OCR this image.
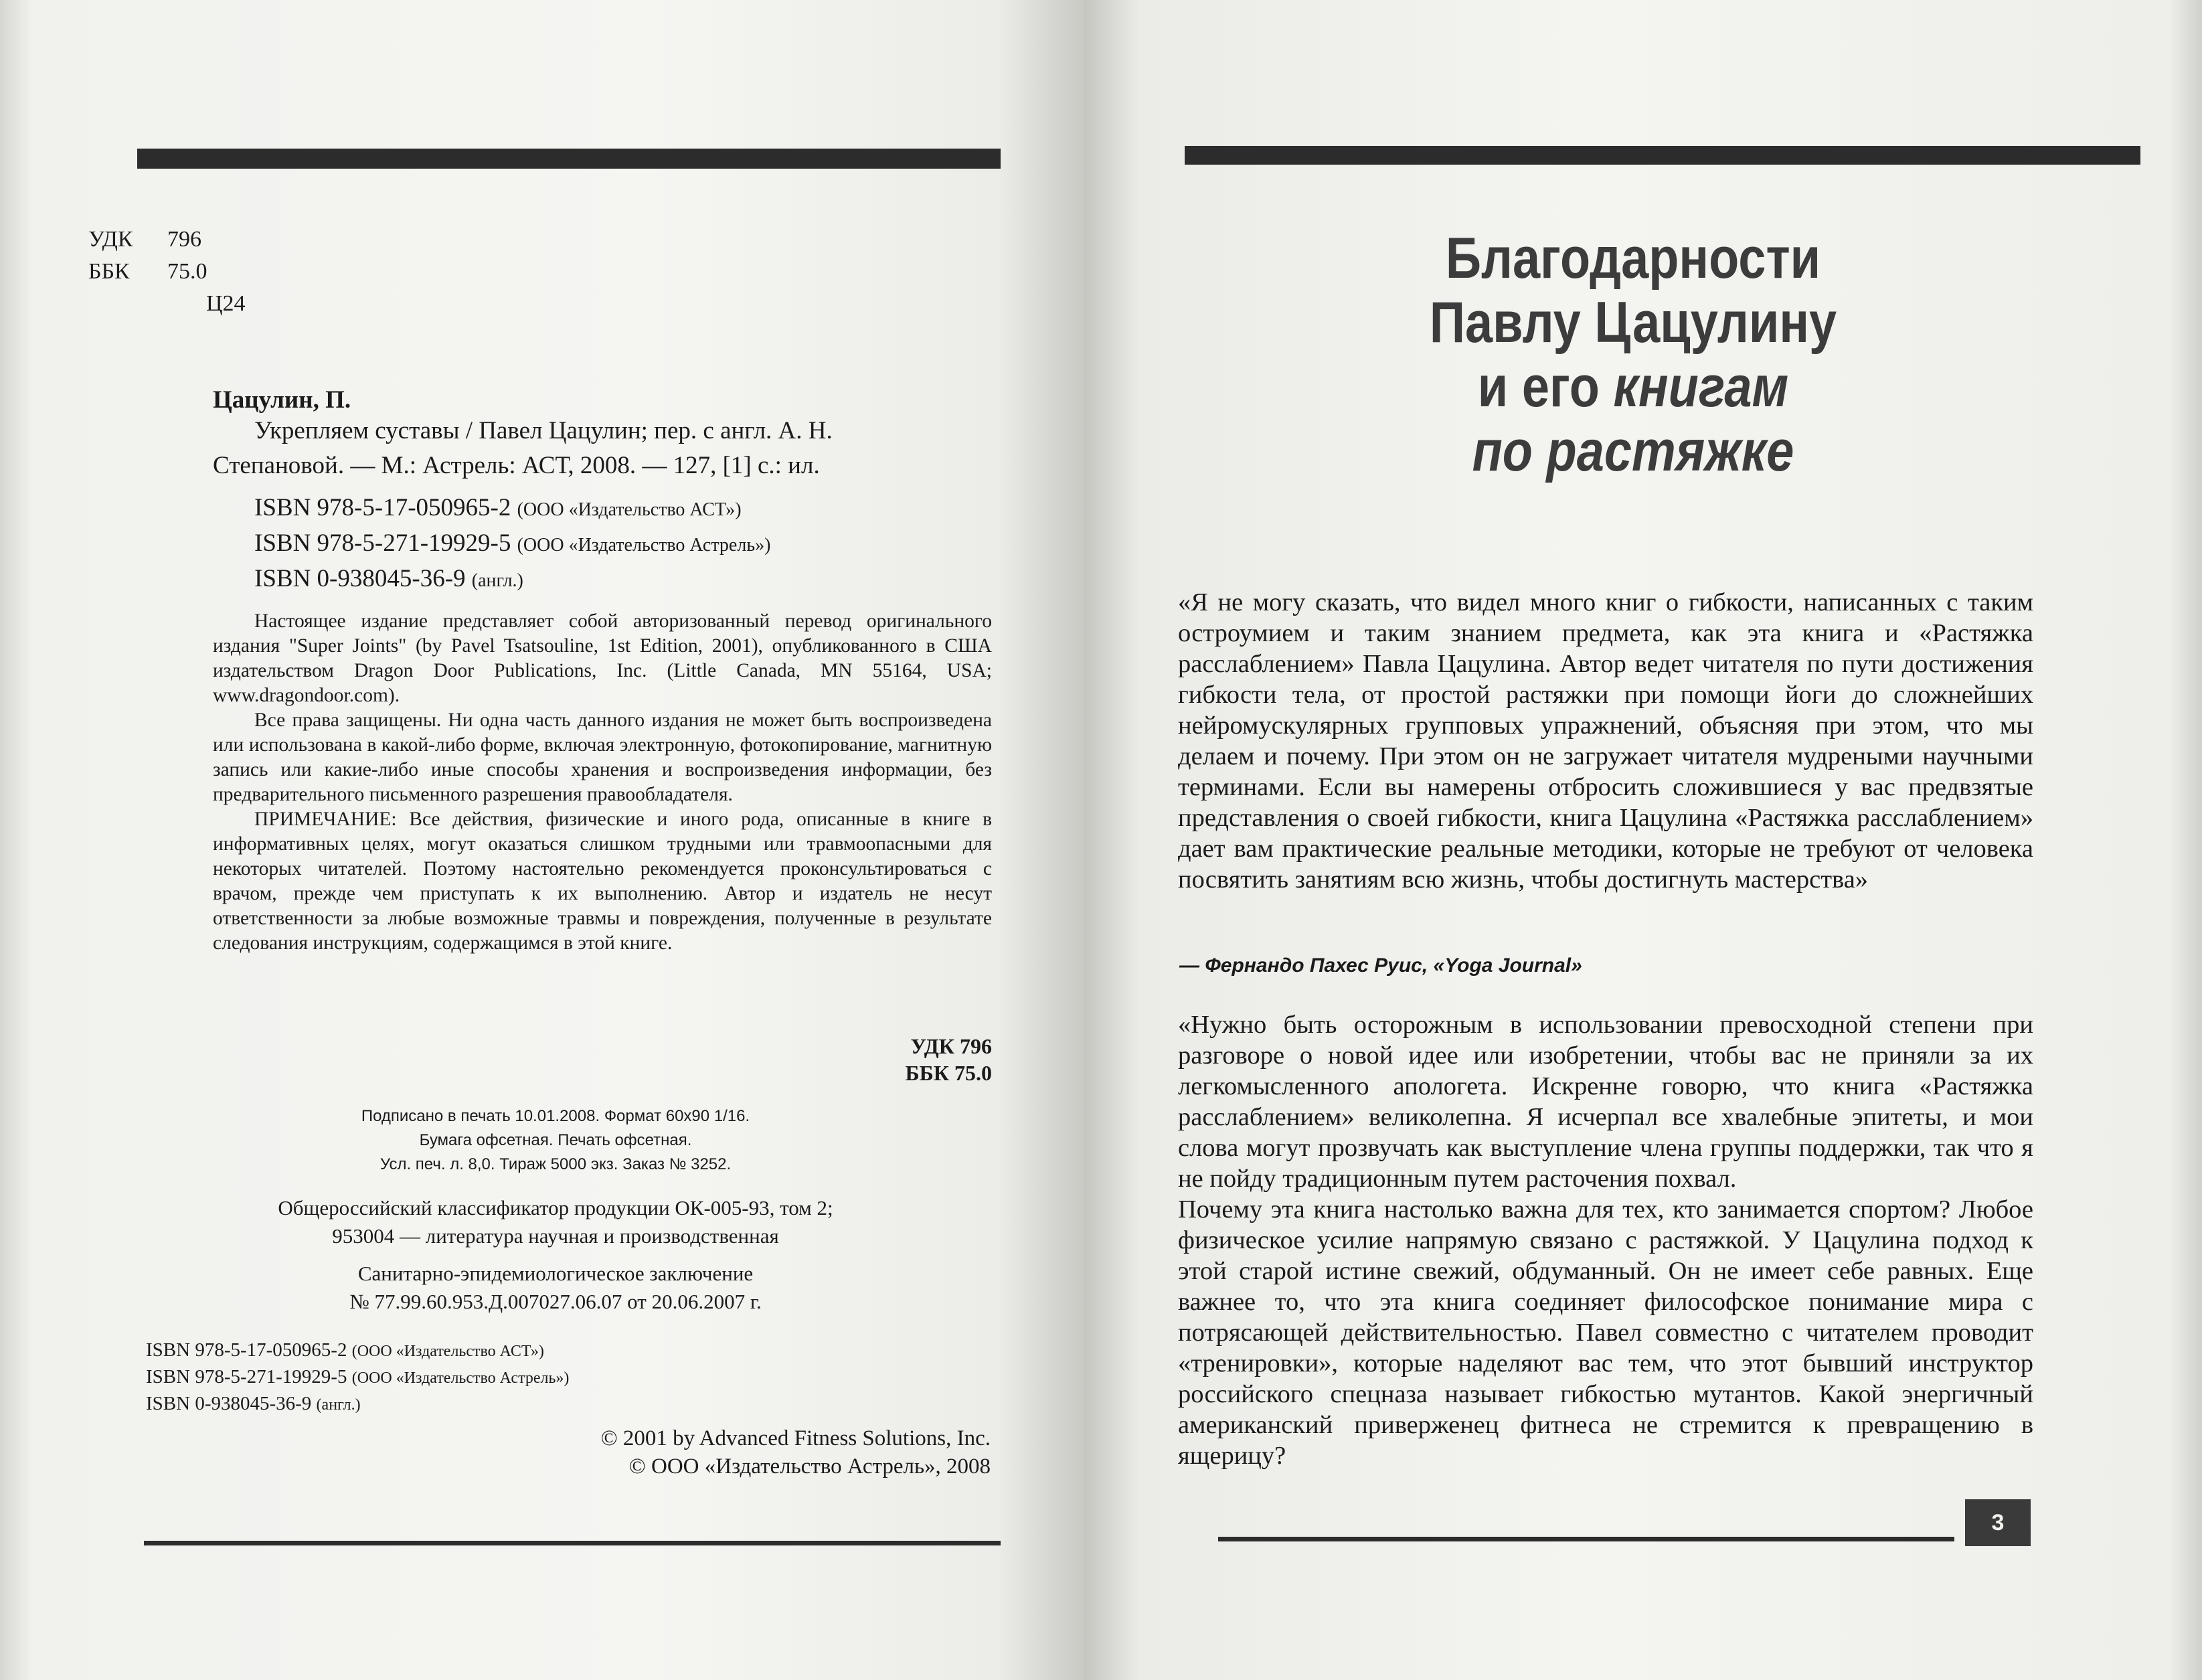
УДК 796
ББК 75.0
Ц24
Цацулин, П.
Укрепляем суставы / Павел Цацулин; пер. с англ. А. Н.
Степановой. — М.: Астрель: АСТ, 2008. — 127, [1] с.: ил.
ISBN 978-5-17-050965-2 (ООО «Издательство АСТ»)
ISBN 978-5-271-19929-5 (ООО «Издательство Астрель»)
ISBN 0-938045-36-9 (англ.)

Настоящее издание представляет собой авторизованный перевод оригинального издания "Super Joints" (by Pavel Tsatsouline, 1st Edition, 2001), опубликованного в США издательством Dragon Door Publications, Inc. (Little Canada, MN 55164, USA; www.dragondoor.com).

Все права защищены. Ни одна часть данного издания не может быть воспроизведена или использована в какой-либо форме, включая электронную, фотокопирование, магнитную запись или какие-либо иные способы хранения и воспроизведения информации, без предварительного письменного разрешения правообладателя.

ПРИМЕЧАНИЕ: Все действия, физические и иного рода, описанные в книге в информативных целях, могут оказаться слишком трудными или травмоопасными для некоторых читателей. Поэтому настоятельно рекомендуется проконсультироваться с врачом, прежде чем приступать к их выполнению. Автор и издатель не несут ответственности за любые возможные травмы и повреждения, полученные в результате следования инструкциям, содержащимся в этой книге.

УДК 796
ББК 75.0
Подписано в печать 10.01.2008. Формат 60х90 1/16.
Бумага офсетная. Печать офсетная.
Усл. печ. л. 8,0. Тираж 5000 экз. Заказ № 3252.
Общероссийский классификатор продукции ОК-005-93, том 2;
953004 — литература научная и производственная
Санитарно-эпидемиологическое заключение
№ 77.99.60.953.Д.007027.06.07 от 20.06.2007 г.
ISBN 978-5-17-050965-2 (ООО «Издательство АСТ»)
ISBN 978-5-271-19929-5 (ООО «Издательство Астрель»)
ISBN 0-938045-36-9 (англ.)
© 2001 by Advanced Fitness Solutions, Inc.
© ООО «Издательство Астрель», 2008
Благодарности
Павлу Цацулину
и его книгам
по растяжке

«Я не могу сказать, что видел много книг о гибкости, написанных с таким остроумием и таким знанием предмета, как эта книга и «Растяжка расслаблением» Павла Цацулина. Автор ведет читателя по пути достижения гибкости тела, от простой растяжки при помощи йоги до сложнейших нейромускулярных групповых упражнений, объясняя при этом, что мы делаем и почему. При этом он не загружает читателя мудреными научными терминами. Если вы намерены отбросить сложившиеся у вас предвзятые представления о своей гибкости, книга Цацулина «Растяжка расслаблением» дает вам практические реальные методики, которые не требуют от человека посвятить занятиям всю жизнь, чтобы достигнуть мастерства»

— Фернандо Пахес Руис, «Yoga Journal»

«Нужно быть осторожным в использовании превосходной степени при разговоре о новой идее или изобретении, чтобы вас не приняли за их легкомысленного апологета. Искренне говорю, что книга «Растяжка расслаблением» великолепна. Я исчерпал все хвалебные эпитеты, и мои слова могут прозвучать как выступление члена группы поддержки, так что я не пойду традиционным путем расточения похвал.

Почему эта книга настолько важна для тех, кто занимается спортом? Любое физическое усилие напрямую связано с растяжкой. У Цацулина подход к этой старой истине свежий, обдуманный. Он не имеет себе равных. Еще важнее то, что эта книга соединяет философское понимание мира с потрясающей действительностью. Павел совместно с читателем проводит «тренировки», которые наделяют вас тем, что этот бывший инструктор российского спецназа называет гибкостью мутантов. Какой энергичный американский приверженец фитнеса не стремится к превращению в ящерицу?

3
